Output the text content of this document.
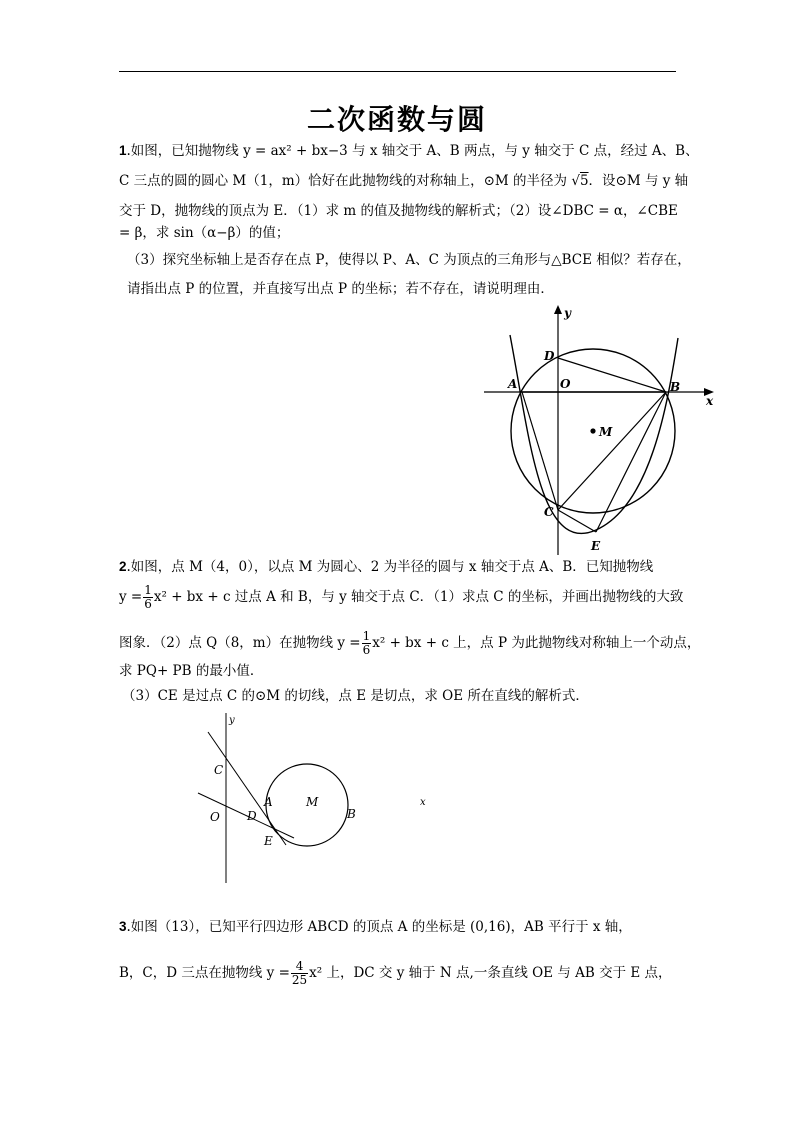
二次函数与圆
1.如图，已知抛物线 y = ax² + bx−3 与 x 轴交于 A、B 两点，与 y 轴交于 C 点，经过 A、B、
C 三点的圆的圆心 M（1，m）恰好在此抛物线的对称轴上，⊙M 的半径为 √5．设⊙M 与 y 轴
交于 D，抛物线的顶点为 E．（1）求 m 的值及抛物线的解析式；（2）设∠DBC = α，∠CBE
= β，求 sin（α−β）的值；
（3）探究坐标轴上是否存在点 P，使得以 P、A、C 为顶点的三角形与△BCE 相似？若存在，
请指出点 P 的位置，并直接写出点 P 的坐标；若不存在，请说明理由．
y
x
D
O
A	B
M
C
E
2.如图，点 M（4，0），以点 M 为圆心、2 为半径的圆与 x 轴交于点 A、B．已知抛物线
$y = \frac{1}{6} x^2$ + bx + c 过点 A 和 B，与 y 轴交于点 C．（1）求点 C 的坐标，并画出抛物线的大致
图象．（2）点 Q（8，m）在抛物线 $y = \frac{1}{6} x^2$ + bx + c 上，点 P 为此抛物线对称轴上一个动点，
求 PQ+ PB 的最小值．
（3）CE 是过点 C 的⊙M 的切线，点 E 是切点，求 OE 所在直线的解析式．
y
C
O D
A	M
B
E
x
3.如图（13），已知平行四边形 ABCD 的顶点 A 的坐标是 (0,16)，AB 平行于 x 轴，
B，C，D 三点在抛物线 $y = \frac{4}{25} x^2$ 上，DC 交 y 轴于 N 点,一条直线 OE 与 AB 交于 E 点，
